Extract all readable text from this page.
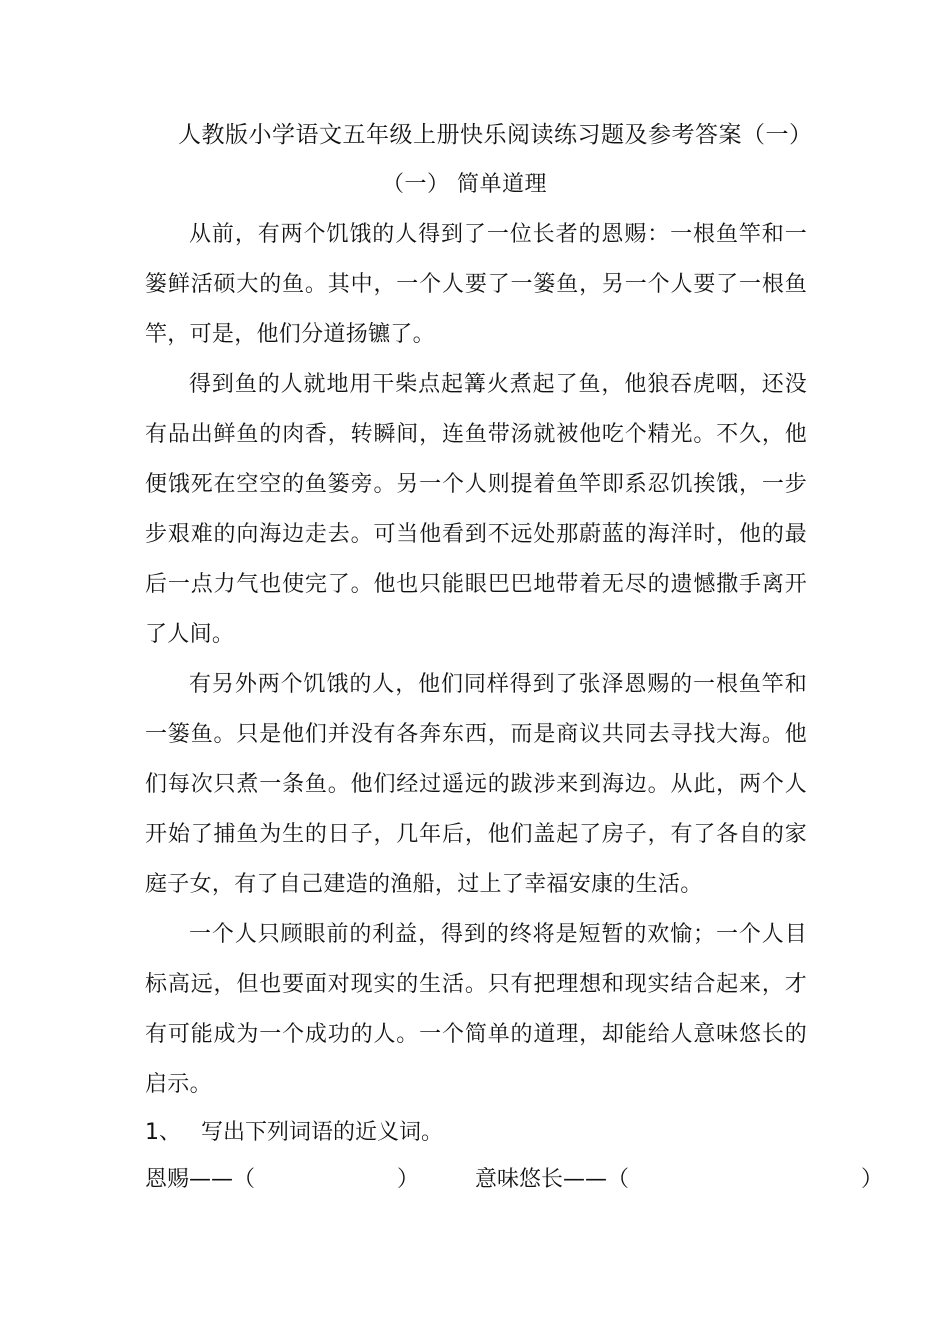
人教版小学语文五年级上册快乐阅读练习题及参考答案（一）
（一） 简单道理

从前，有两个饥饿的人得到了一位长者的恩赐：一根鱼竿和一篓鲜活硕大的鱼。其中，一个人要了一篓鱼，另一个人要了一根鱼竿，可是，他们分道扬镳了。

得到鱼的人就地用干柴点起篝火煮起了鱼，他狼吞虎咽，还没有品出鲜鱼的肉香，转瞬间，连鱼带汤就被他吃个精光。不久，他便饿死在空空的鱼篓旁。另一个人则提着鱼竿即系忍饥挨饿，一步步艰难的向海边走去。可当他看到不远处那蔚蓝的海洋时，他的最后一点力气也使完了。他也只能眼巴巴地带着无尽的遗憾撒手离开了人间。

有另外两个饥饿的人，他们同样得到了张泽恩赐的一根鱼竿和一篓鱼。只是他们并没有各奔东西，而是商议共同去寻找大海。他们每次只煮一条鱼。他们经过遥远的跋涉来到海边。从此，两个人开始了捕鱼为生的日子，几年后，他们盖起了房子，有了各自的家庭子女，有了自己建造的渔船，过上了幸福安康的生活。

一个人只顾眼前的利益，得到的终将是短暂的欢愉；一个人目标高远，但也要面对现实的生活。只有把理想和现实结合起来，才有可能成为一个成功的人。一个简单的道理，却能给人意味悠长的启示。

1、 写出下列词语的近义词。
恩赐——（	）	意味悠长——（	）
